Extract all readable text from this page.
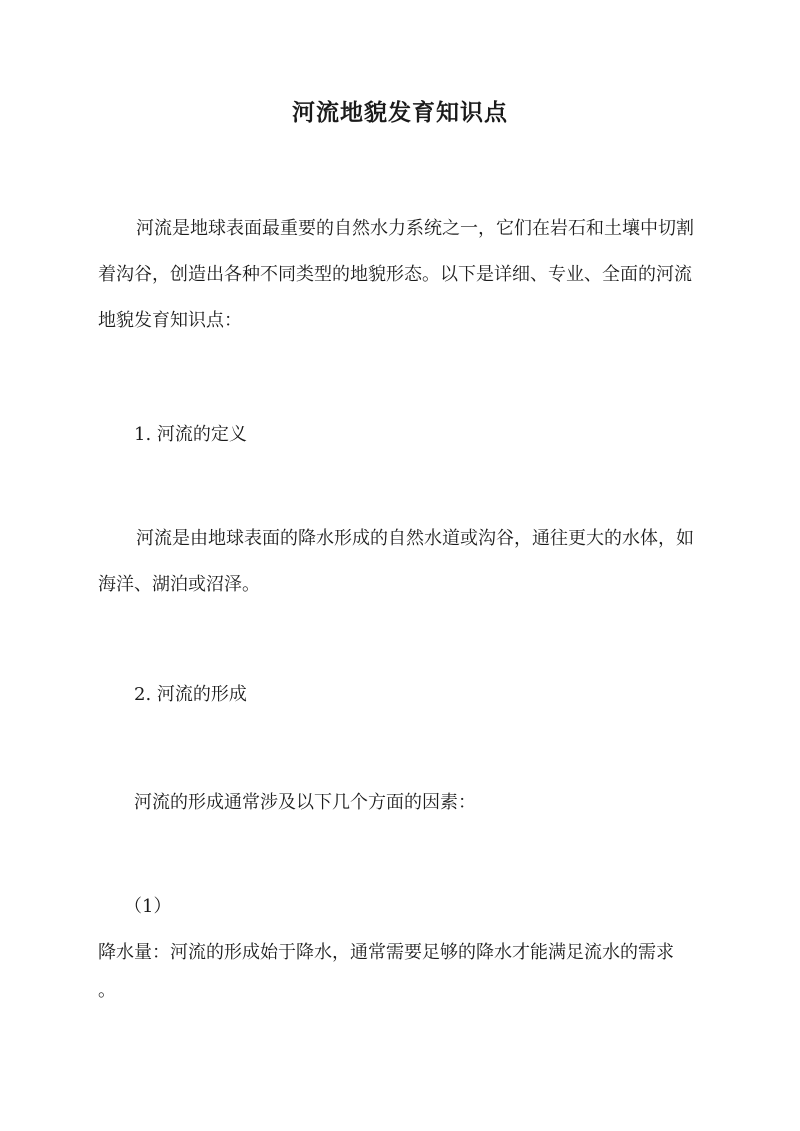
河流地貌发育知识点

河流是地球表面最重要的自然水力系统之一，它们在岩石和土壤中切割着沟谷，创造出各种不同类型的地貌形态。以下是详细、专业、全面的河流地貌发育知识点：

1. 河流的定义

河流是由地球表面的降水形成的自然水道或沟谷，通往更大的水体，如海洋、湖泊或沼泽。

2. 河流的形成
河流的形成通常涉及以下几个方面的因素：
（1）
降水量：河流的形成始于降水，通常需要足够的降水才能满足流水的需求
。
